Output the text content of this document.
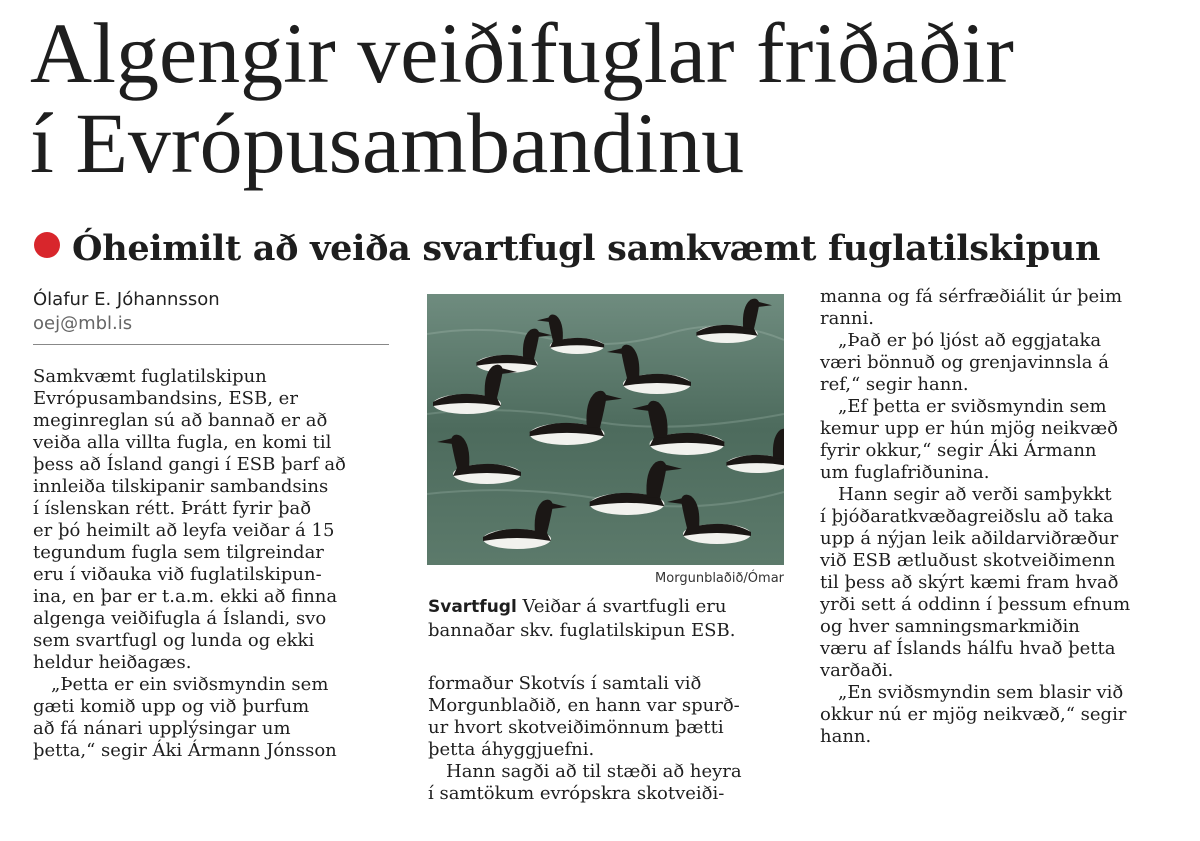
Algengir veiðifuglar friðaðir
í Evrópusambandinu
Óheimilt að veiða svartfugl samkvæmt fuglatilskipun
Ólafur E. Jóhannsson
oej@mbl.is

Samkvæmt fuglatilskipun
Evrópusambandsins, ESB, er
meginreglan sú að bannað er að
veiða alla villta fugla, en komi til
þess að Ísland gangi í ESB þarf að
innleiða tilskipanir sambandsins
í íslenskan rétt. Þrátt fyrir það
er þó heimilt að leyfa veiðar á 15
tegundum fugla sem tilgreindar
eru í viðauka við fuglatilskipun-
ina, en þar er t.a.m. ekki að finna
algenga veiðifugla á Íslandi, svo
sem svartfugl og lunda og ekki
heldur heiðagæs.

„Þetta er ein sviðsmyndin sem
gæti komið upp og við þurfum
að fá nánari upplýsingar um
þetta,“ segir Áki Ármann Jónsson

Morgunblaðið/Ómar
Svartfugl Veiðar á svartfugli eru
bannaðar skv. fuglatilskipun ESB.

formaður Skotvís í samtali við
Morgunblaðið, en hann var spurð-
ur hvort skotveiðimönnum þætti
þetta áhyggjuefni.

Hann sagði að til stæði að heyra
í samtökum evrópskra skotveiði-

manna og fá sérfræðiálit úr þeim
ranni.

„Það er þó ljóst að eggjataka
væri bönnuð og grenjavinnsla á
ref,“ segir hann.

„Ef þetta er sviðsmyndin sem
kemur upp er hún mjög neikvæð
fyrir okkur,“ segir Áki Ármann
um fuglafriðunina.

Hann segir að verði samþykkt
í þjóðaratkvæðagreiðslu að taka
upp á nýjan leik aðildarviðræður
við ESB ætluðust skotveiðimenn
til þess að skýrt kæmi fram hvað
yrði sett á oddinn í þessum efnum
og hver samningsmarkmiðin
væru af Íslands hálfu hvað þetta
varðaði.

„En sviðsmyndin sem blasir við
okkur nú er mjög neikvæð,“ segir
hann.
